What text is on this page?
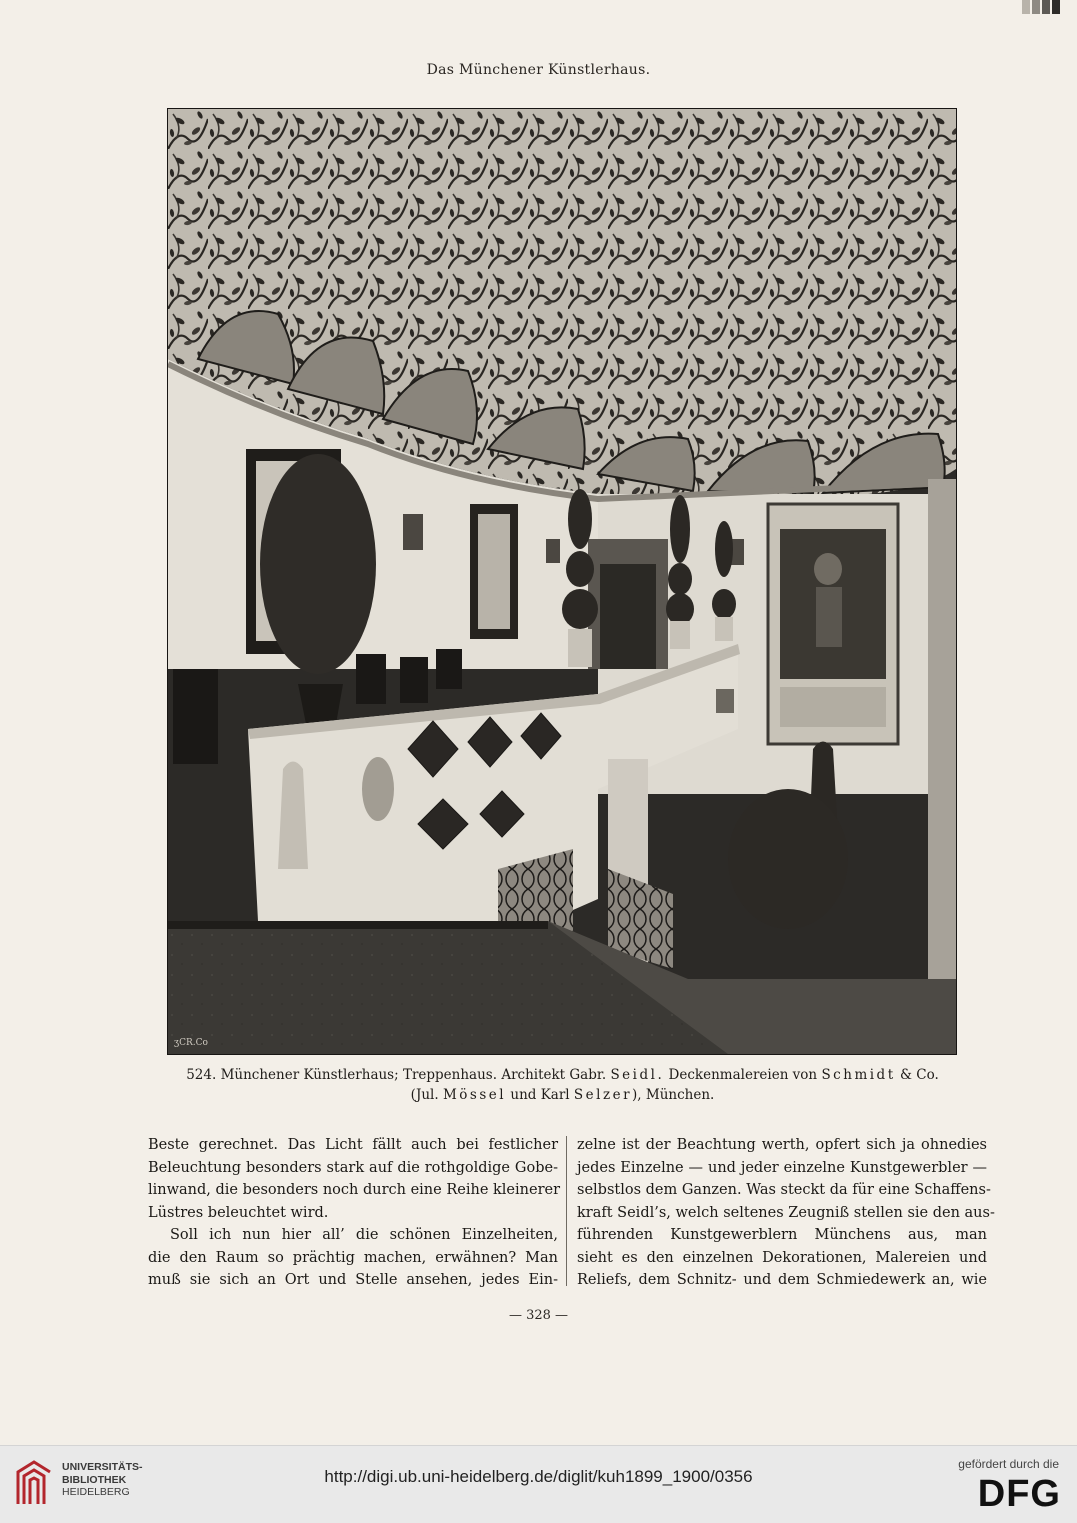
Das Münchener Künstlerhaus.
ʒCR.Co
524. Münchener Künstlerhaus; Treppenhaus. Architekt Gabr. Seidl. Deckenmalereien von Schmidt & Co.
(Jul. Mössel und Karl Selzer), München.
Beste gerechnet. Das Licht fällt auch bei festlicher
Beleuchtung besonders stark auf die rothgoldige Gobe-
linwand, die besonders noch durch eine Reihe kleinerer
Lüstres beleuchtet wird.
Soll ich nun hier all’ die schönen Einzelheiten,
die den Raum so prächtig machen, erwähnen? Man
muß sie sich an Ort und Stelle ansehen, jedes Ein-
zelne ist der Beachtung werth, opfert sich ja ohnedies
jedes Einzelne — und jeder einzelne Kunstgewerbler —
selbstlos dem Ganzen. Was steckt da für eine Schaffens-
kraft Seidl’s, welch seltenes Zeugniß stellen sie den aus-
führenden Kunstgewerblern Münchens aus, man
sieht es den einzelnen Dekorationen, Malereien und
Reliefs, dem Schnitz- und dem Schmiedewerk an, wie
— 328 —
UNIVERSITÄTS-
BIBLIOTHEK
HEIDELBERG
http://digi.ub.uni-heidelberg.de/diglit/kuh1899_1900/0356
gefördert durch die
DFG
